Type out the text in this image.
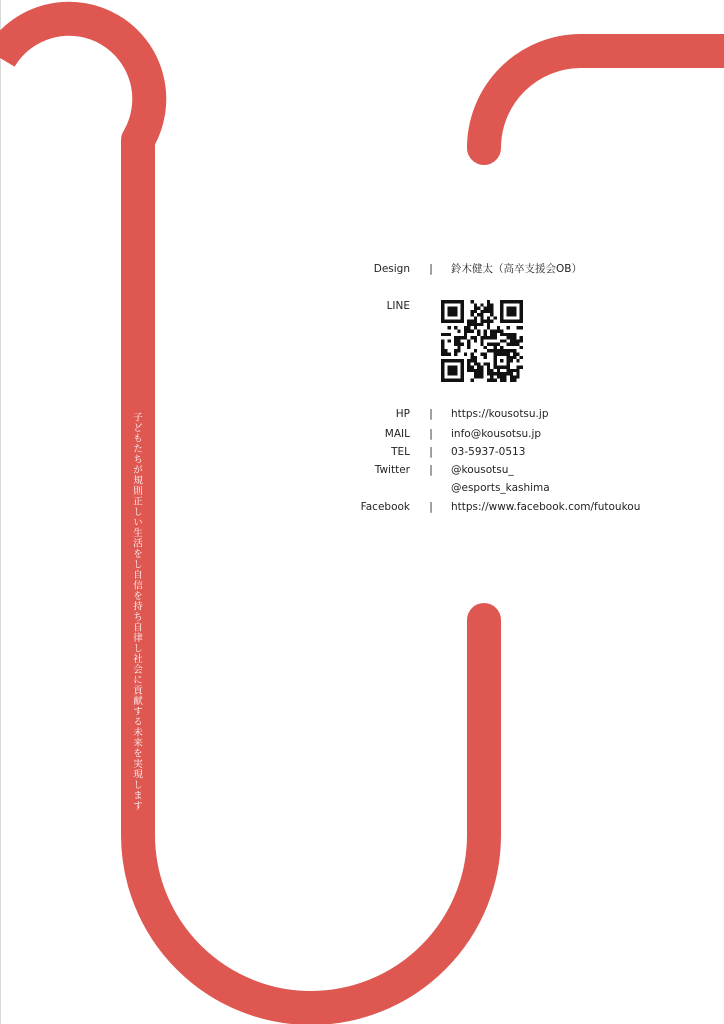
子どもたちが規則正しい生活をし自信を持ち自律し社会に貢献する未来を実現します
Design | 鈴木健太（高卒支援会OB）
LINE
HP | https://kousotsu.jp
MAIL | info@kousotsu.jp
TEL | 03-5937-0513
Twitter | @kousotsu_
@esports_kashima
Facebook | https://www.facebook.com/futoukou
